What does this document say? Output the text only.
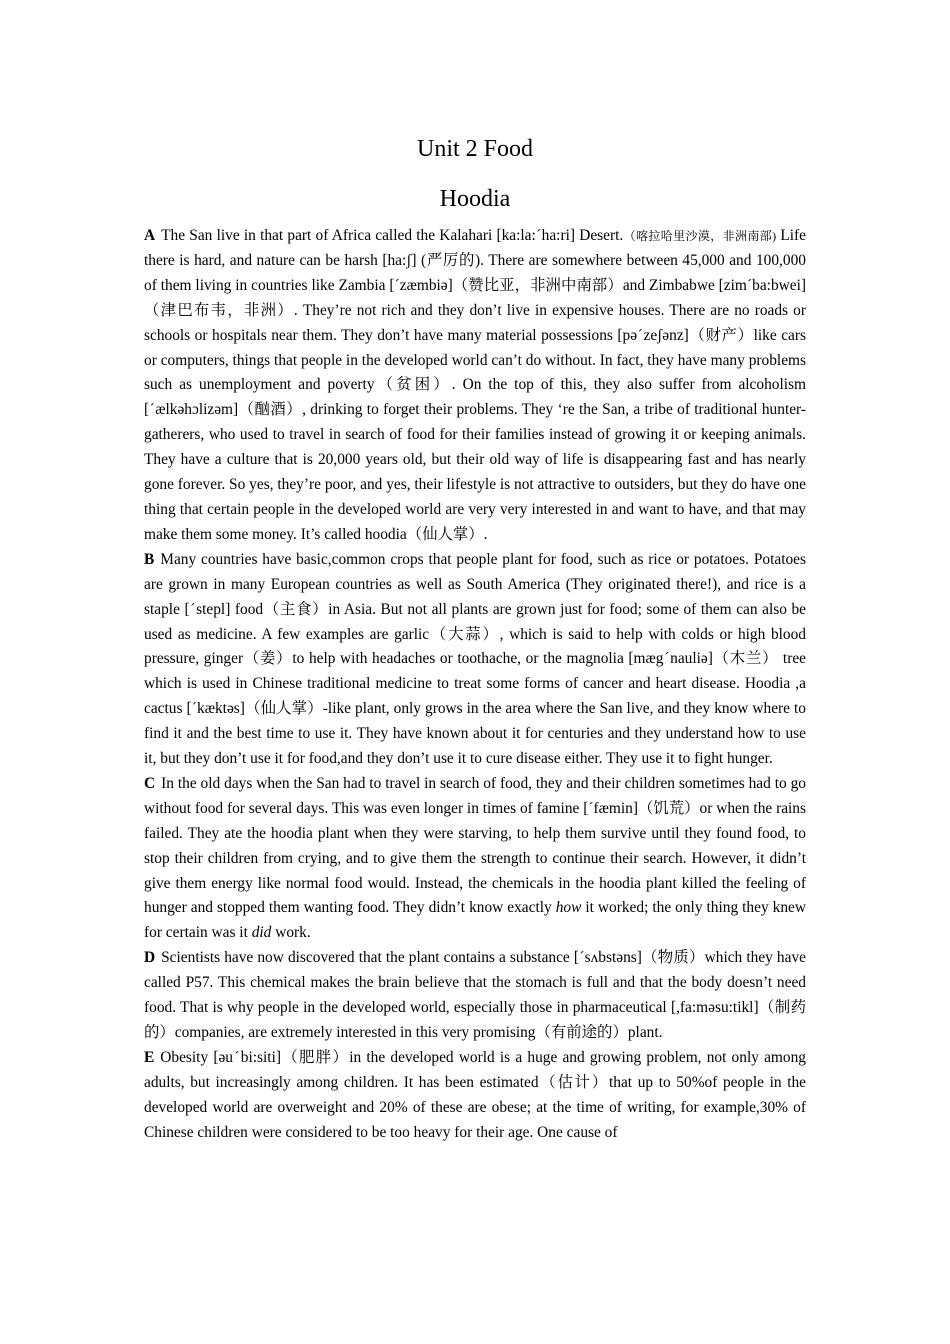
Unit 2 Food
Hoodia

A The San live in that part of Africa called the Kalahari [ka:la:ˊha:ri] Desert.（喀拉哈里沙漠，非洲南部) Life there is hard, and nature can be harsh [ha:ʃ] (严厉的). There are somewhere between 45,000 and 100,000 of them living in countries like Zambia [ˊzæmbiə]（赞比亚，非洲中南部）and Zimbabwe [zimˊba:bwei]（津巴布韦，非洲）. They’re not rich and they don’t live in expensive houses. There are no roads or schools or hospitals near them. They don’t have many material possessions [pəˊzeʃənz]（财产）like cars or computers, things that people in the developed world can’t do without. In fact, they have many problems such as unemployment and poverty（贫困）. On the top of this, they also suffer from alcoholism [ˊælkəhɔlizəm]（酗酒）, drinking to forget their problems. They ‘re the San, a tribe of traditional hunter-gatherers, who used to travel in search of food for their families instead of growing it or keeping animals. They have a culture that is 20,000 years old, but their old way of life is disappearing fast and has nearly gone forever. So yes, they’re poor, and yes, their lifestyle is not attractive to outsiders, but they do have one thing that certain people in the developed world are very very interested in and want to have, and that may make them some money. It’s called hoodia（仙人掌）.

B Many countries have basic,common crops that people plant for food, such as rice or potatoes. Potatoes are grown in many European countries as well as South America (They originated there!), and rice is a staple [ˊstepl] food（主食）in Asia. But not all plants are grown just for food; some of them can also be used as medicine. A few examples are garlic（大蒜）, which is said to help with colds or high blood pressure, ginger（姜）to help with headaches or toothache, or the magnolia [mægˊnauliə]（木兰） tree which is used in Chinese traditional medicine to treat some forms of cancer and heart disease. Hoodia ,a cactus [ˊkæktəs]（仙人掌）-like plant, only grows in the area where the San live, and they know where to find it and the best time to use it. They have known about it for centuries and they understand how to use it, but they don’t use it for food,and they don’t use it to cure disease either. They use it to fight hunger.

C In the old days when the San had to travel in search of food, they and their children sometimes had to go without food for several days. This was even longer in times of famine [ˊfæmin]（饥荒）or when the rains failed. They ate the hoodia plant when they were starving, to help them survive until they found food, to stop their children from crying, and to give them the strength to continue their search. However, it didn’t give them energy like normal food would. Instead, the chemicals in the hoodia plant killed the feeling of hunger and stopped them wanting food. They didn’t know exactly how it worked; the only thing they knew for certain was it did work.

D Scientists have now discovered that the plant contains a substance [ˊsʌbstəns]（物质）which they have called P57. This chemical makes the brain believe that the stomach is full and that the body doesn’t need food. That is why people in the developed world, especially those in pharmaceutical [,fa:məsu:tikl]（制药的）companies, are extremely interested in this very promising（有前途的）plant.

E Obesity [əuˊbi:siti]（肥胖）in the developed world is a huge and growing problem, not only among adults, but increasingly among children. It has been estimated（估计）that up to 50%of people in the developed world are overweight and 20% of these are obese; at the time of writing, for example,30% of Chinese children were considered to be too heavy for their age. One cause of
